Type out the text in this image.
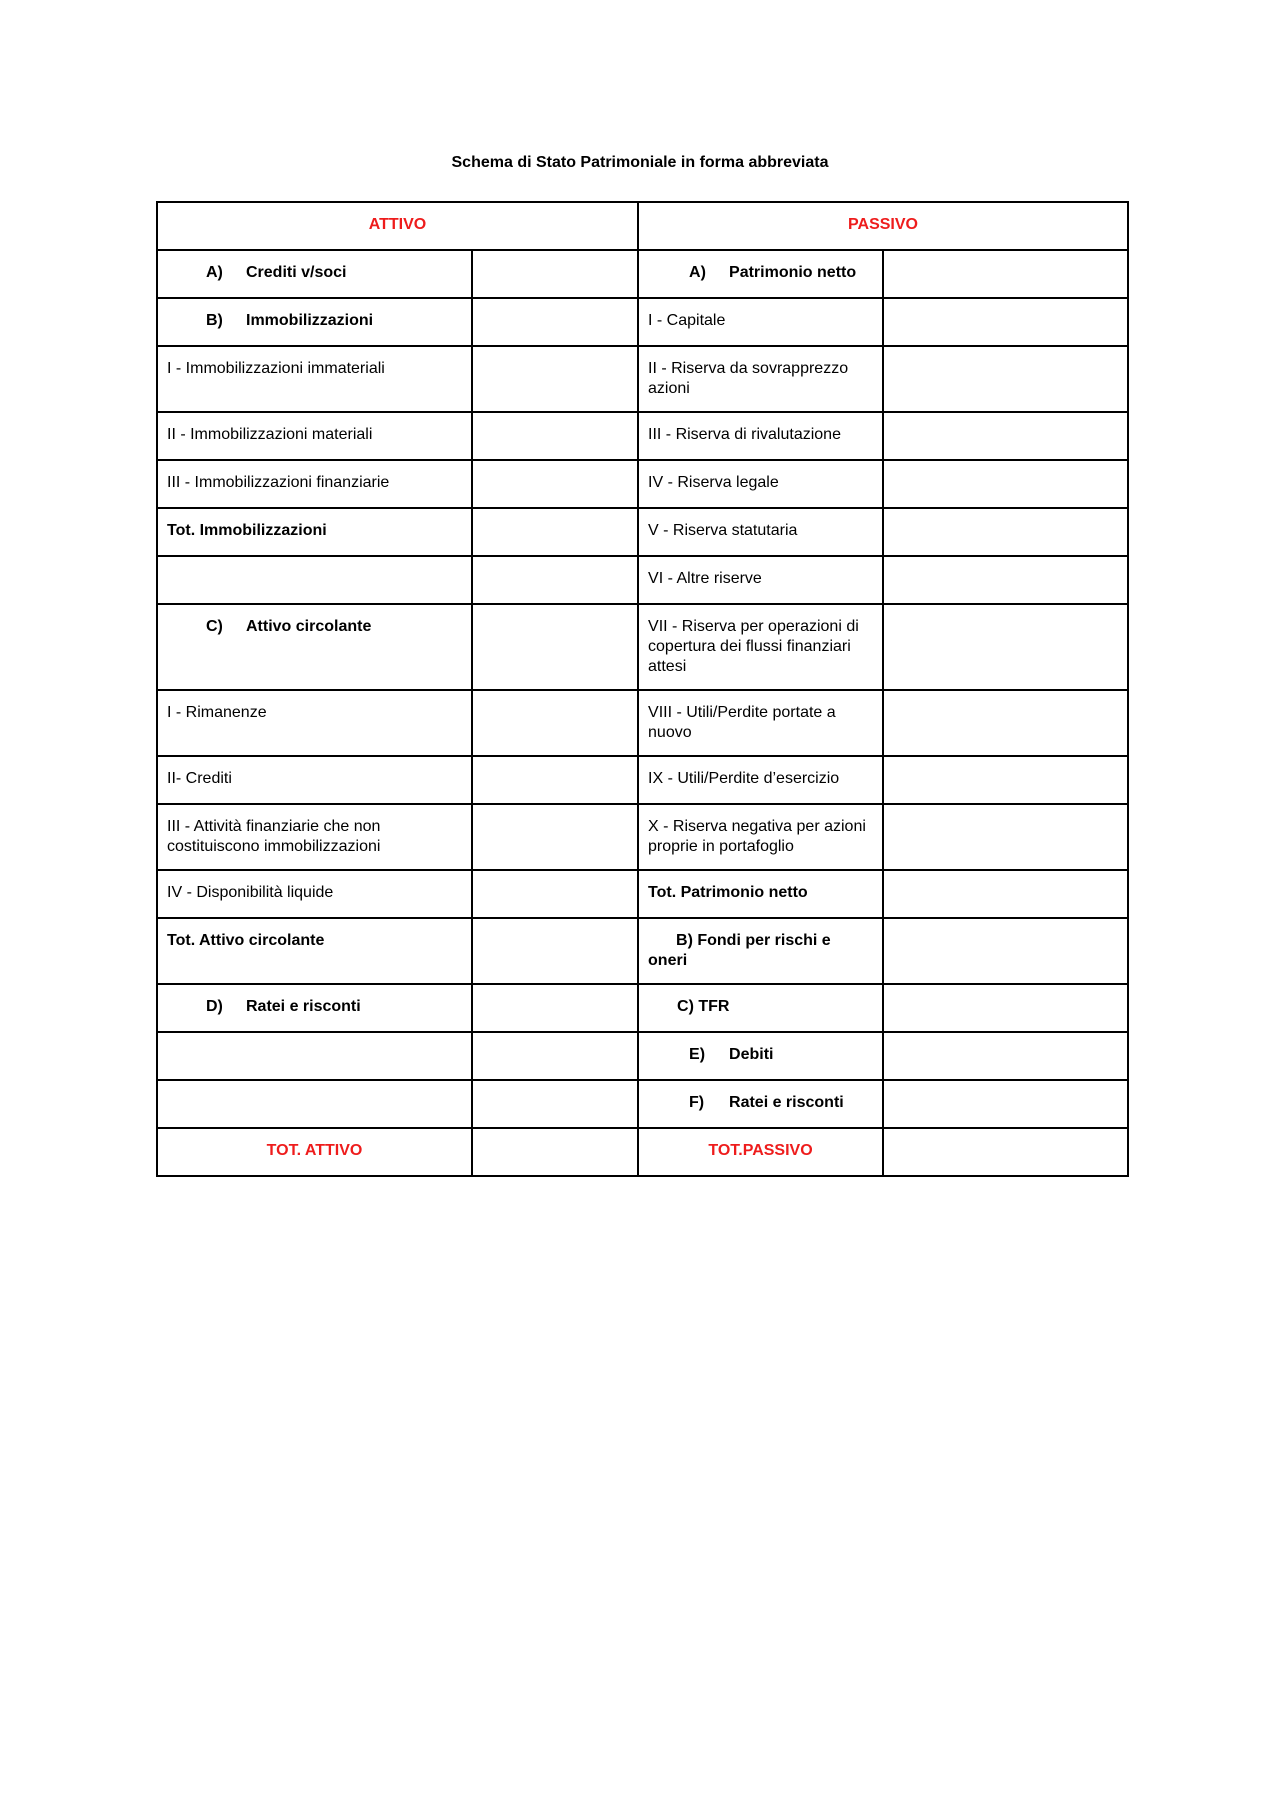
Schema di Stato Patrimoniale in forma abbreviata
ATTIVO		PASSIVO	
A) Crediti v/soci		A) Patrimonio netto	
B) Immobilizzazioni		I - Capitale	
I - Immobilizzazioni immateriali		II - Riserva da sovrapprezzo azioni	
II - Immobilizzazioni materiali		III - Riserva di rivalutazione	
III - Immobilizzazioni finanziarie		IV - Riserva legale	
Tot. Immobilizzazioni		V - Riserva statutaria	
		VI - Altre riserve	
C) Attivo circolante		VII - Riserva per operazioni di copertura dei flussi finanziari attesi	
I - Rimanenze		VIII - Utili/Perdite portate a nuovo	
II- Crediti		IX - Utili/Perdite d’esercizio	
III - Attività finanziarie che non costituiscono immobilizzazioni		X - Riserva negativa per azioni proprie in portafoglio	
IV - Disponibilità liquide		Tot. Patrimonio netto	
Tot. Attivo circolante		B) Fondi per rischi e oneri	
D) Ratei e risconti		C) TFR	
		E) Debiti	
		F) Ratei e risconti	
TOT. ATTIVO		TOT.PASSIVO	
